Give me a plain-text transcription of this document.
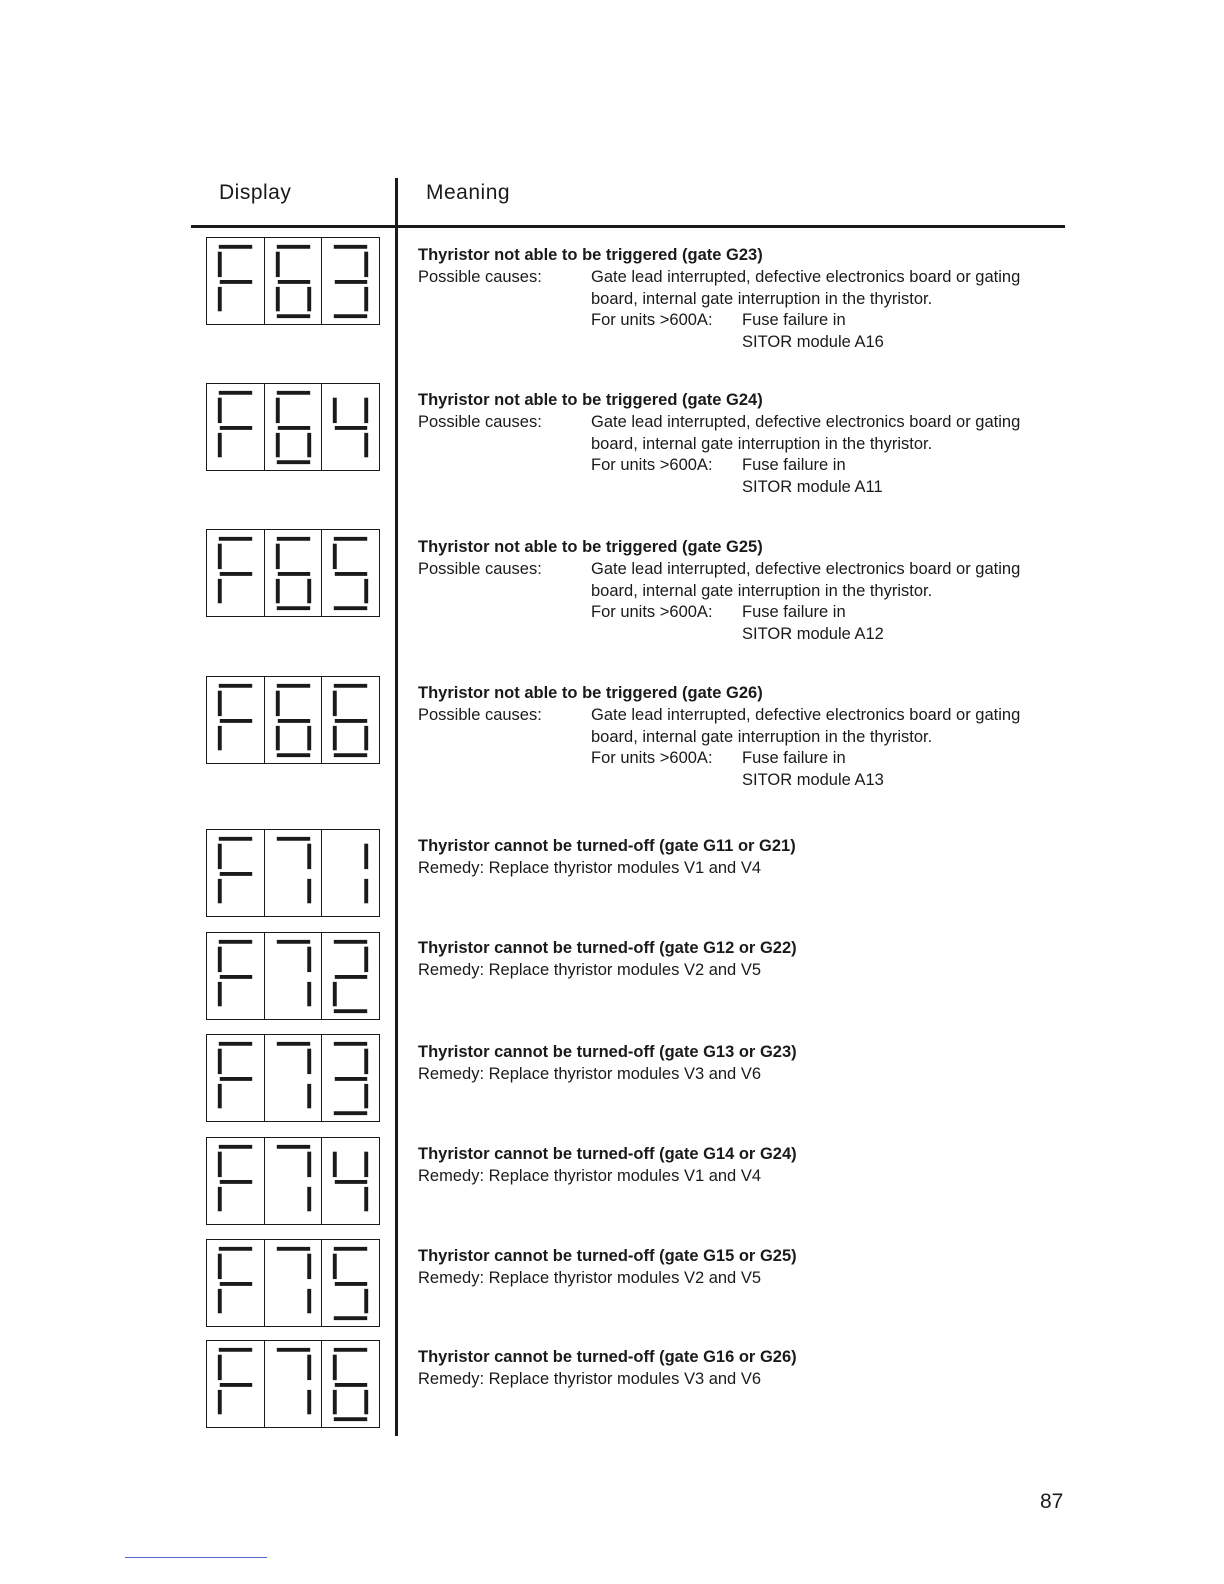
Display	Meaning
Thyristor not able to be triggered (gate G23)
Possible causes:	Gate lead interrupted, defective electronics board or gating board, internal gate interruption in the thyristor.
For units >600A:	Fuse failure in
SITOR module A16
Thyristor not able to be triggered (gate G24)
Possible causes:	Gate lead interrupted, defective electronics board or gating board, internal gate interruption in the thyristor.
For units >600A:	Fuse failure in
SITOR module A11
Thyristor not able to be triggered (gate G25)
Possible causes:	Gate lead interrupted, defective electronics board or gating board, internal gate interruption in the thyristor.
For units >600A:	Fuse failure in
SITOR module A12
Thyristor not able to be triggered (gate G26)
Possible causes:	Gate lead interrupted, defective electronics board or gating board, internal gate interruption in the thyristor.
For units >600A:	Fuse failure in
SITOR module A13
Thyristor cannot be turned-off (gate G11 or G21)
Remedy: Replace thyristor modules V1 and V4
Thyristor cannot be turned-off (gate G12 or G22)
Remedy: Replace thyristor modules V2 and V5
Thyristor cannot be turned-off (gate G13 or G23)
Remedy: Replace thyristor modules V3 and V6
Thyristor cannot be turned-off (gate G14 or G24)
Remedy: Replace thyristor modules V1 and V4
Thyristor cannot be turned-off (gate G15 or G25)
Remedy: Replace thyristor modules V2 and V5
Thyristor cannot be turned-off (gate G16 or G26)
Remedy: Replace thyristor modules V3 and V6
87
